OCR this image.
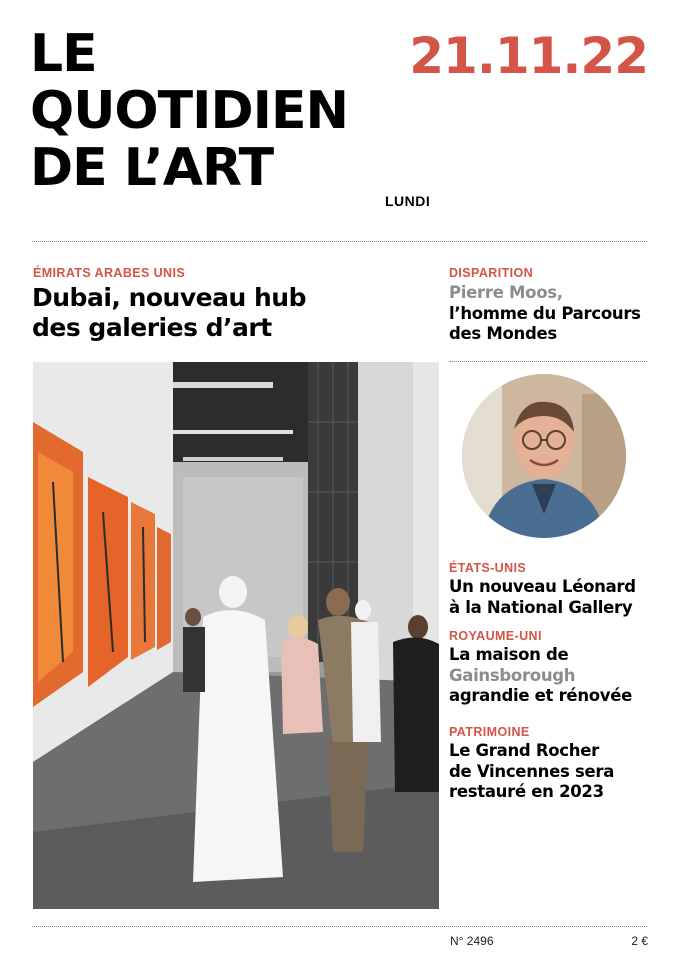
LE
QUOTIDIEN
DE L’ART
21.11.22
LUNDI
ÉMIRATS ARABES UNIS
Dubai, nouveau hub
des galeries d’art
DISPARITION
Pierre Moos,
l’homme du Parcours
des Mondes
ÉTATS-UNIS
Un nouveau Léonard
à la National Gallery
ROYAUME-UNI
La maison de
Gainsborough
agrandie et rénovée
PATRIMOINE
Le Grand Rocher
de Vincennes sera
restauré en 2023
N° 2496	2 €
